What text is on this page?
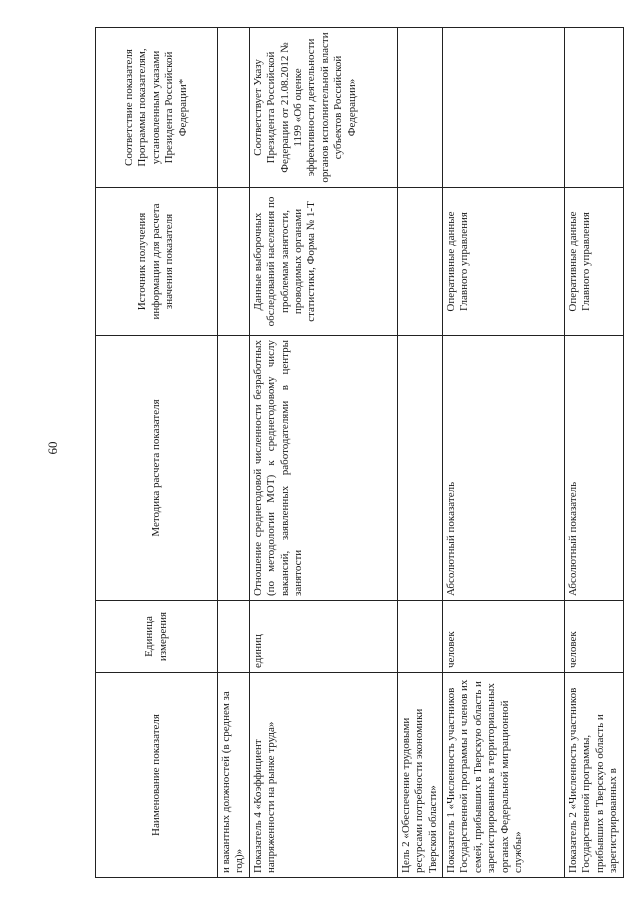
60
Наименование показателя	Единица измерения	Методика расчета показателя	Источник получения информации для расчета значения показателя	Соответствие показателя Программы показателям, установленным указами Президента Российской Федерации*
и вакантных должностей (в среднем за год)»				
Показатель 4 «Коэффициент напряженности на рынке труда»	единиц	Отношение среднегодовой численности безработных (по методологии МОТ) к среднегодовому числу вакансий, заявленных работодателями в центры занятости	Данные выборочных обследований населения по проблемам занятости, проводимых органами статистики, Форма № 1-Т	Соответствует Указу Президента Российской Федерации от 21.08.2012 № 1199 «Об оценке эффективности деятельности органов исполнительной власти субъектов Российской Федерации»
Цель 2 «Обеспечение трудовыми ресурсами потребности экономики Тверской области»				
Показатель 1 «Численность участников Государственной программы и членов их семей, прибывших в Тверскую область и зарегистрированных в территориальных органах Федеральной миграционной службы»	человек	Абсолютный показатель	Оперативные данные Главного управления	
Показатель 2 «Численность участников Государственной программы, прибывших в Тверскую область и зарегистрированных в	человек	Абсолютный показатель	Оперативные данные Главного управления	
